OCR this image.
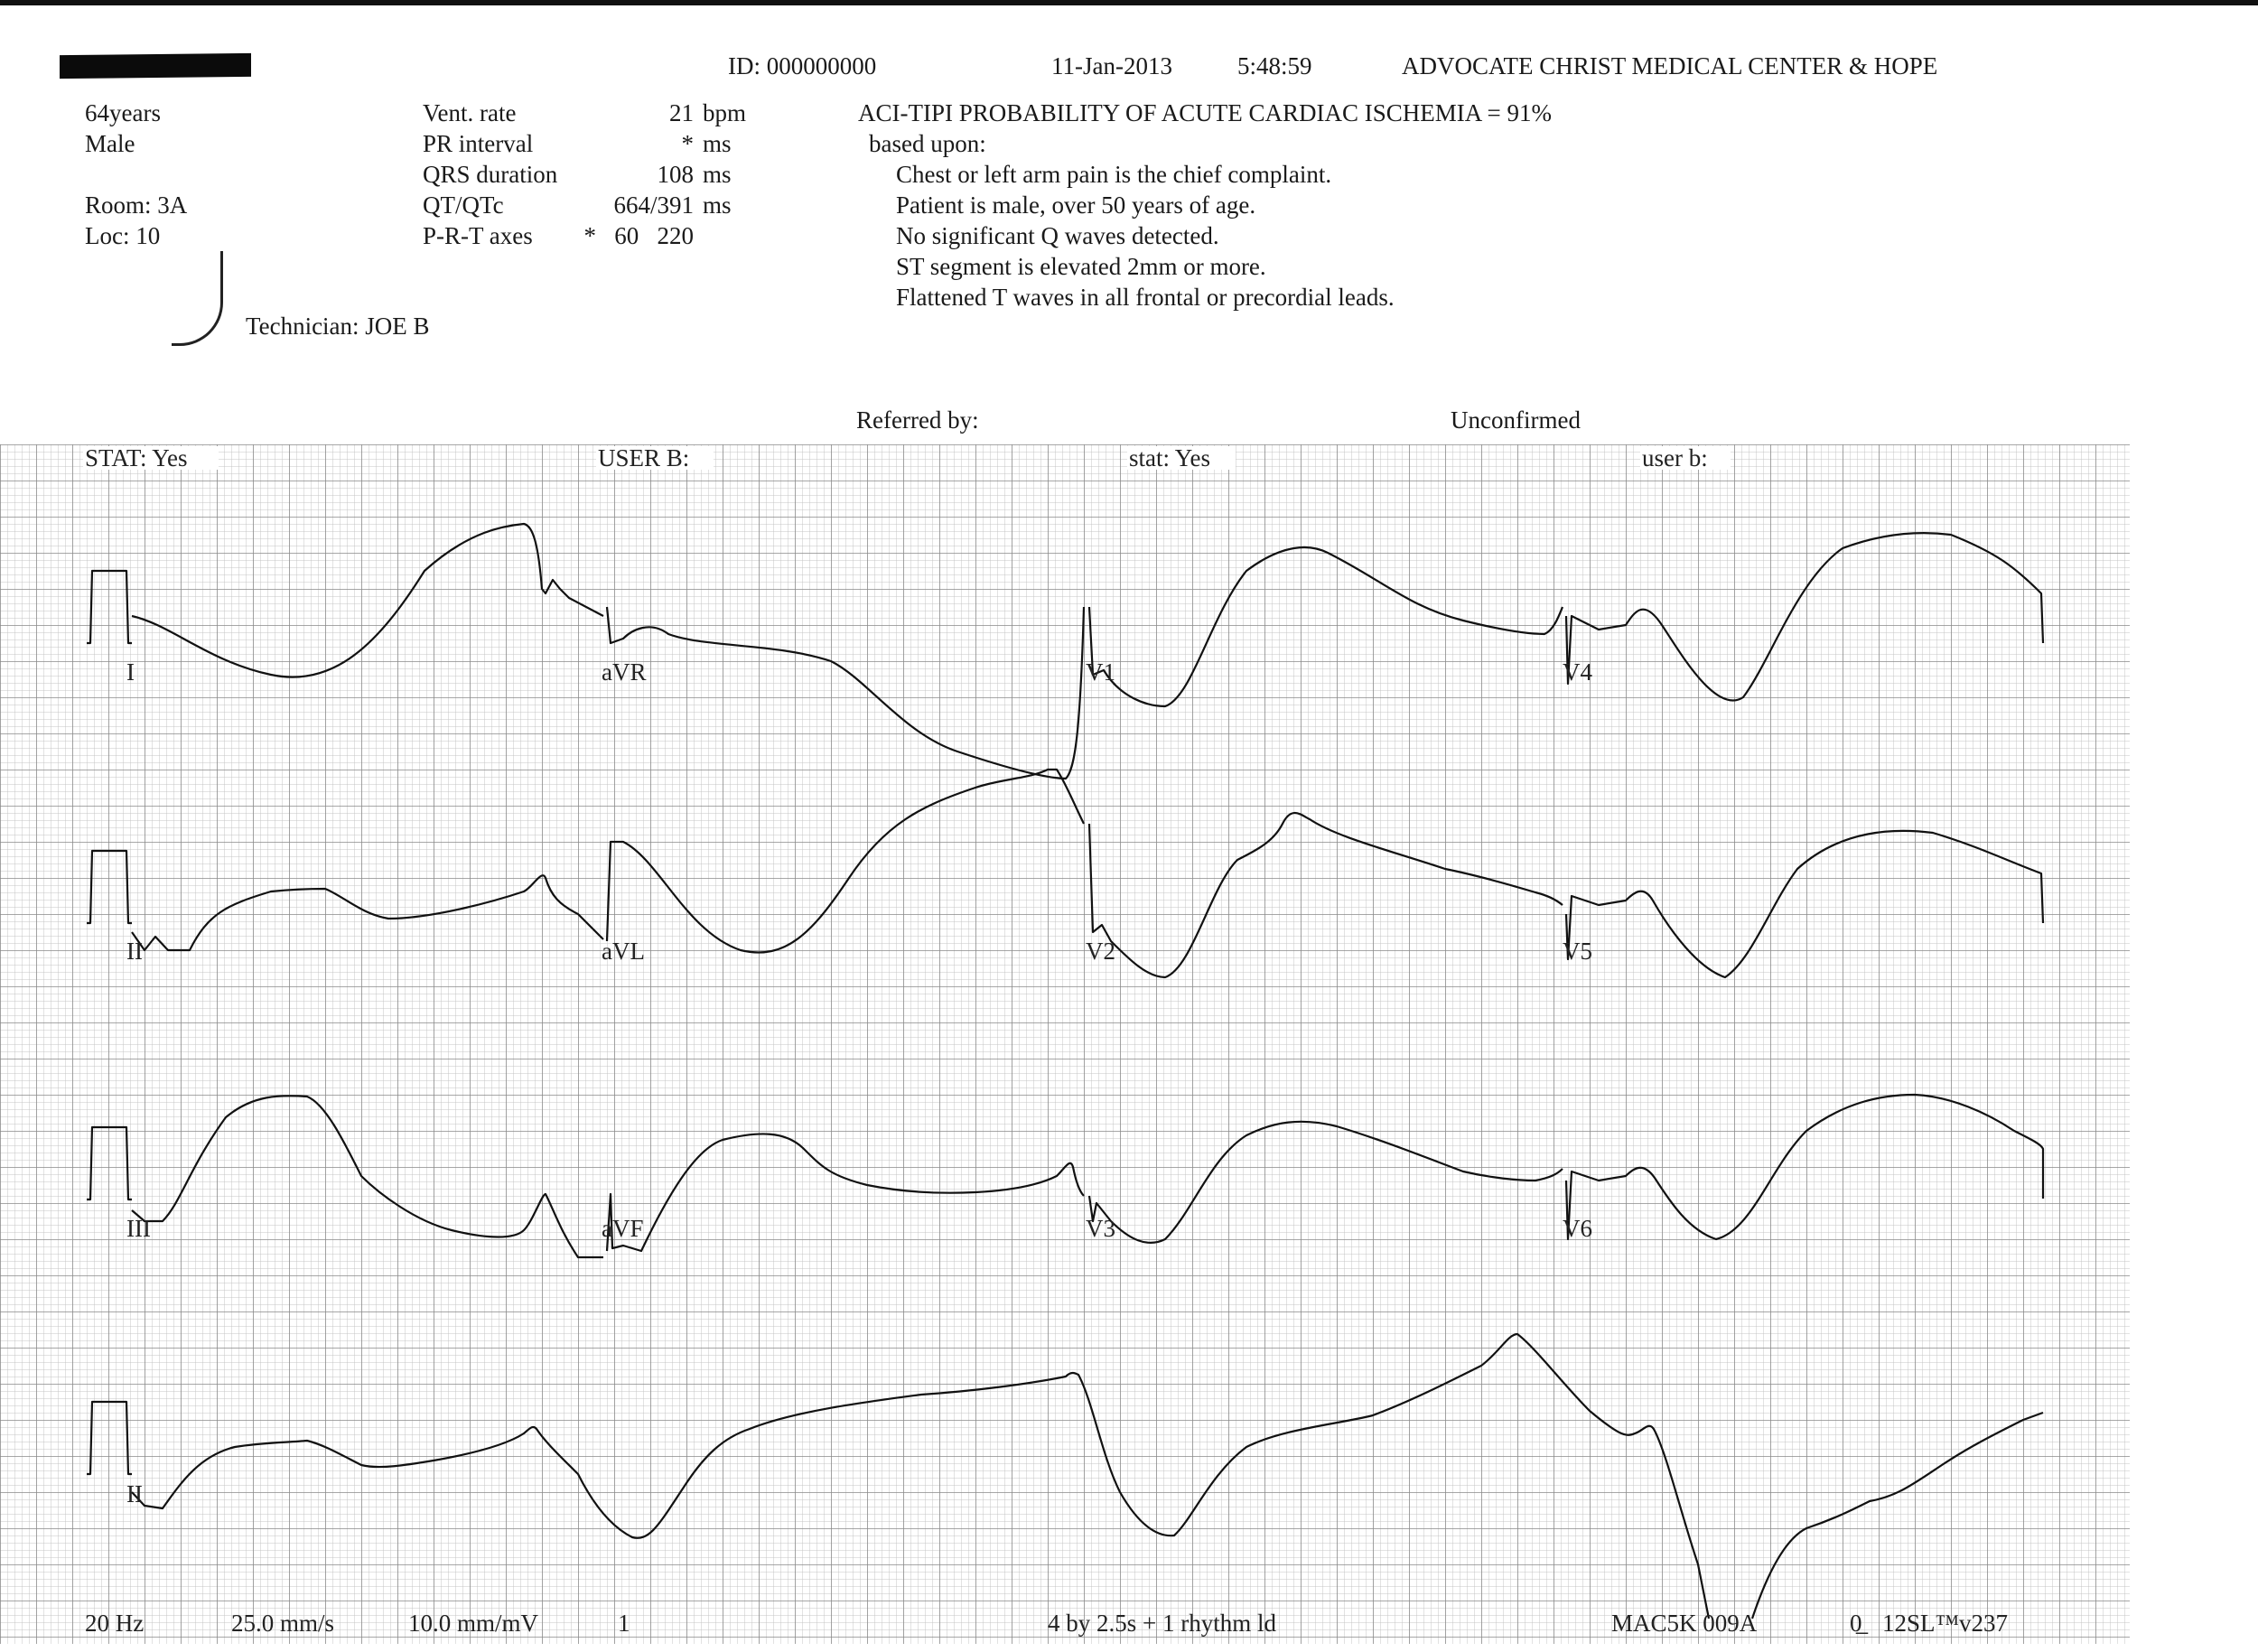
ID: 000000000	11-Jan-2013	5:48:59	ADVOCATE CHRIST MEDICAL CENTER & HOPE
64years
Male
Room: 3A
Loc: 10
Technician: JOE B
Vent. rate	21 bpm
PR interval	* ms
QRS duration	108 ms
QT/QTc	664/391 ms
P-R-T axes	*   60   220
ACI-TIPI PROBABILITY OF ACUTE CARDIAC ISCHEMIA = 91%
based upon:
Chest or left arm pain is the chief complaint.
Patient is male, over 50 years of age.
No significant Q waves detected.
ST segment is elevated 2mm or more.
Flattened T waves in all frontal or precordial leads.
Referred by:	Unconfirmed
STAT: Yes	USER B:	stat: Yes	user b:
I	aVR	V1	V4
II	aVL	V2	V5
III	aVF	V3	V6
II
20 Hz	25.0 mm/s	10.0 mm/mV	1	4 by 2.5s + 1 rhythm ld	MAC5K 009A	0̲ 12SL™v237
